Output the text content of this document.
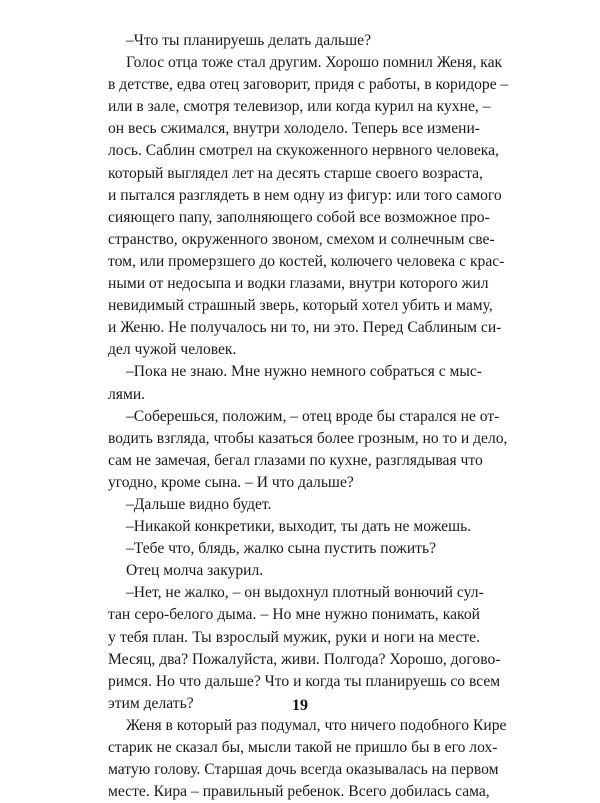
–Что ты планируешь делать дальше?
Голос отца тоже стал другим. Хорошо помнил Женя, как
в детстве, едва отец заговорит, придя с работы, в коридоре –
или в зале, смотря телевизор, или когда курил на кухне, –
он весь сжимался, внутри холодело. Теперь все измени-
лось. Саблин смотрел на скукоженного нервного человека,
который выглядел лет на десять старше своего возраста,
и пытался разглядеть в нем одну из фигур: или того самого
сияющего папу, заполняющего собой все возможное про-
странство, окруженного звоном, смехом и солнечным све-
том, или промерзшего до костей, колючего человека с крас-
ными от недосыпа и водки глазами, внутри которого жил
невидимый страшный зверь, который хотел убить и маму,
и Женю. Не получалось ни то, ни это. Перед Саблиным си-
дел чужой человек.
–Пока не знаю. Мне нужно немного собраться с мыс-
лями.
–Соберешься, положим, – отец вроде бы старался не от-
водить взгляда, чтобы казаться более грозным, но то и дело,
сам не замечая, бегал глазами по кухне, разглядывая что
угодно, кроме сына. – И что дальше?
–Дальше видно будет.
–Никакой конкретики, выходит, ты дать не можешь.
–Тебе что, блядь, жалко сына пустить пожить?
Отец молча закурил.
–Нет, не жалко, – он выдохнул плотный вонючий сул-
тан серо-белого дыма. – Но мне нужно понимать, какой
у тебя план. Ты взрослый мужик, руки и ноги на месте.
Месяц, два? Пожалуйста, живи. Полгода? Хорошо, догово-
римся. Но что дальше? Что и когда ты планируешь со всем
этим делать?
Женя в который раз подумал, что ничего подобного Кире
старик не сказал бы, мысли такой не пришло бы в его лох-
матую голову. Старшая дочь всегда оказывалась на первом
месте. Кира – правильный ребенок. Всего добилась сама,
19
